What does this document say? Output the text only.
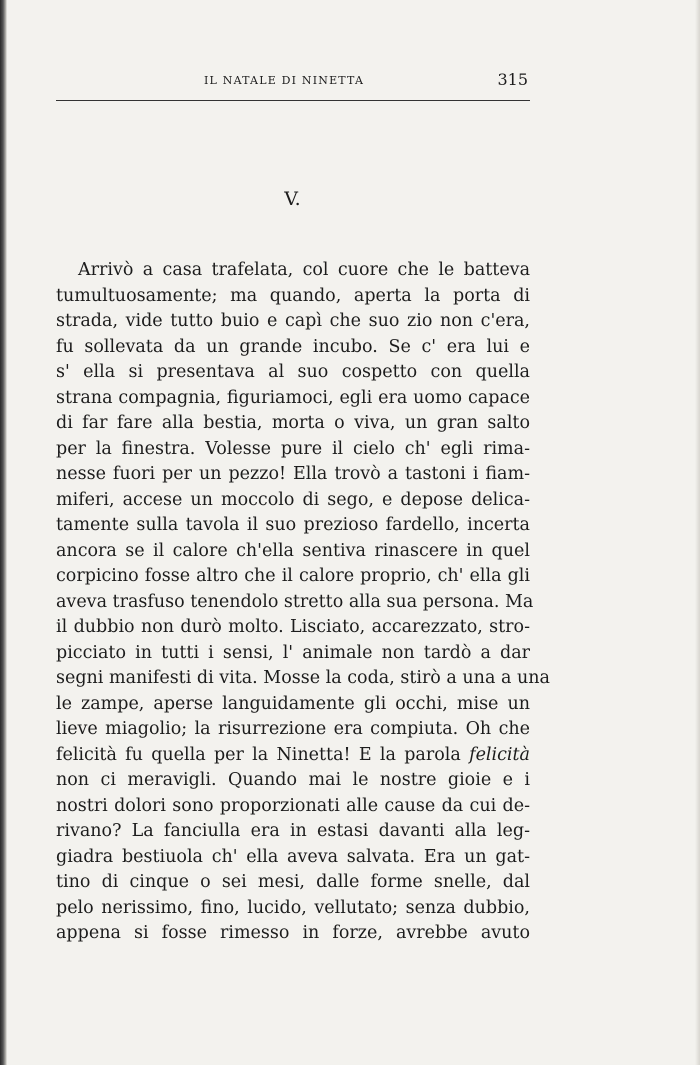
IL NATALE DI NINETTA	315
V.
Arrivò a casa trafelata, col cuore che le batteva
tumultuosamente; ma quando, aperta la porta di
strada, vide tutto buio e capì che suo zio non c'era,
fu sollevata da un grande incubo. Se c' era lui e
s' ella si presentava al suo cospetto con quella
strana compagnia, figuriamoci, egli era uomo capace
di far fare alla bestia, morta o viva, un gran salto
per la finestra. Volesse pure il cielo ch' egli rima-
nesse fuori per un pezzo! Ella trovò a tastoni i fiam-
miferi, accese un moccolo di sego, e depose delica-
tamente sulla tavola il suo prezioso fardello, incerta
ancora se il calore ch'ella sentiva rinascere in quel
corpicino fosse altro che il calore proprio, ch' ella gli
aveva trasfuso tenendolo stretto alla sua persona. Ma
il dubbio non durò molto. Lisciato, accarezzato, stro-
picciato in tutti i sensi, l' animale non tardò a dar
segni manifesti di vita. Mosse la coda, stirò a una a una
le zampe, aperse languidamente gli occhi, mise un
lieve miagolio; la risurrezione era compiuta. Oh che
felicità fu quella per la Ninetta! E la parola felicità
non ci meravigli. Quando mai le nostre gioie e i
nostri dolori sono proporzionati alle cause da cui de-
rivano? La fanciulla era in estasi davanti alla leg-
giadra bestiuola ch' ella aveva salvata. Era un gat-
tino di cinque o sei mesi, dalle forme snelle, dal
pelo nerissimo, fino, lucido, vellutato; senza dubbio,
appena si fosse rimesso in forze, avrebbe avuto
